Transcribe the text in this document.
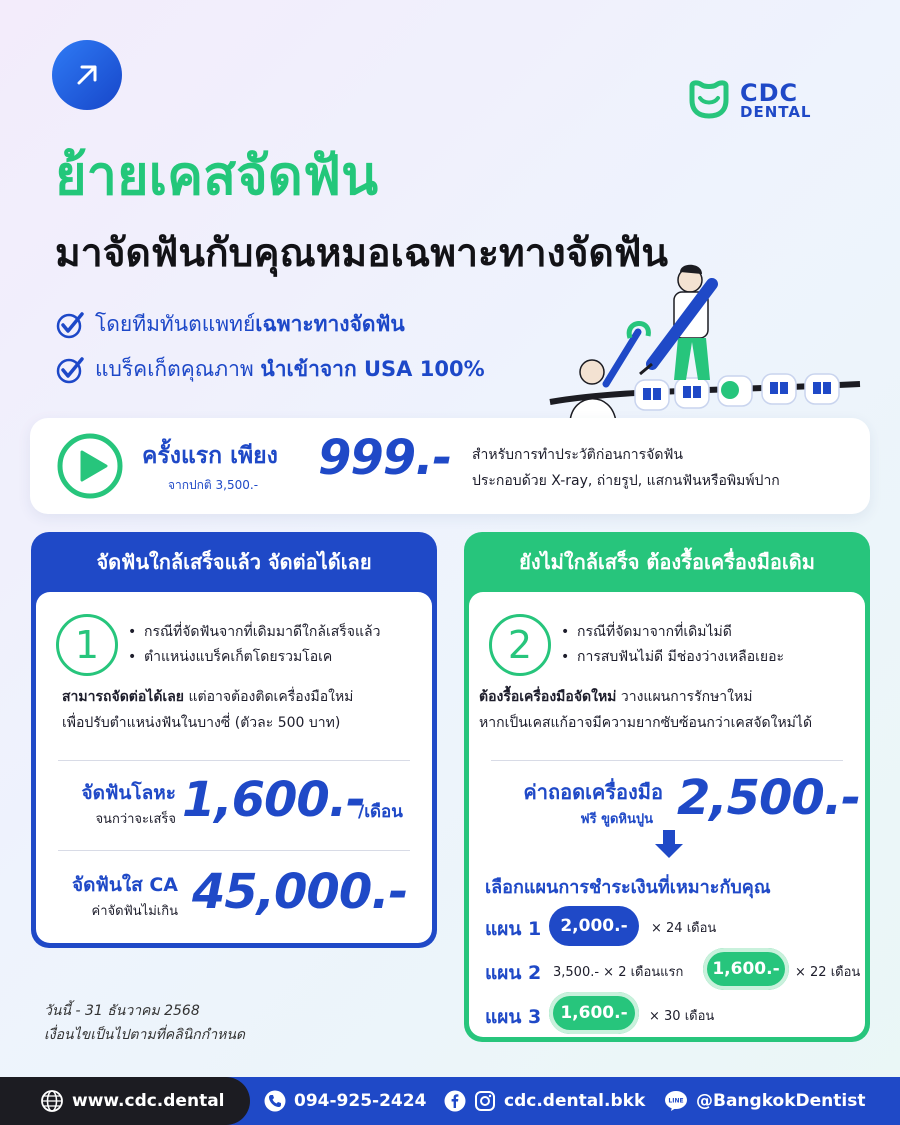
CDC
DENTAL
ย้ายเคสจัดฟัน
มาจัดฟันกับคุณหมอเฉพาะทางจัดฟัน
โดยทีมทันตแพทย์เฉพาะทางจัดฟัน
แบร็คเก็ตคุณภาพ นำเข้าจาก USA 100%
ครั้งแรก เพียง
จากปกติ 3,500.- 999.- สำหรับการทำประวัติก่อนการจัดฟัน
ประกอบด้วย X-ray, ถ่ายรูป, แสกนฟันหรือพิมพ์ปาก
จัดฟันใกล้เสร็จแล้ว จัดต่อได้เลย
1	• กรณีที่จัดฟันจากที่เดิมมาดีใกล้เสร็จแล้ว
• ตำแหน่งแบร็คเก็ตโดยรวมโอเค
สามารถจัดต่อได้เลย แต่อาจต้องติดเครื่องมือใหม่
เพื่อปรับตำแหน่งฟันในบางซี่ (ตัวละ 500 บาท)
จัดฟันโลหะ
จนกว่าจะเสร็จ 1,600.-
/เดือน
จัดฟันใส CA
ค่าจัดฟันไม่เกิน 45,000.-
ยังไม่ใกล้เสร็จ ต้องรื้อเครื่องมือเดิม
2	• กรณีที่จัดมาจากที่เดิมไม่ดี
• การสบฟันไม่ดี มีช่องว่างเหลือเยอะ
ต้องรื้อเครื่องมือจัดใหม่ วางแผนการรักษาใหม่
หากเป็นเคสแก้อาจมีความยากซับซ้อนกว่าเคสจัดใหม่ได้
ค่าถอดเครื่องมือ
ฟรี ขูดหินปูน 2,500.-
เลือกแผนการชำระเงินที่เหมาะกับคุณ
แผน 1	2,000.-	× 24 เดือน
แผน 2 3,500.- × 2 เดือนแรก	1,600.-	× 22 เดือน
แผน 3	1,600.-	× 30 เดือน
วันนี้ - 31 ธันวาคม 2568
เงื่อนไขเป็นไปตามที่คลินิกกำหนด
www.cdc.dental	094-925-2424	cdc.dental.bkk	LINE @BangkokDentist
